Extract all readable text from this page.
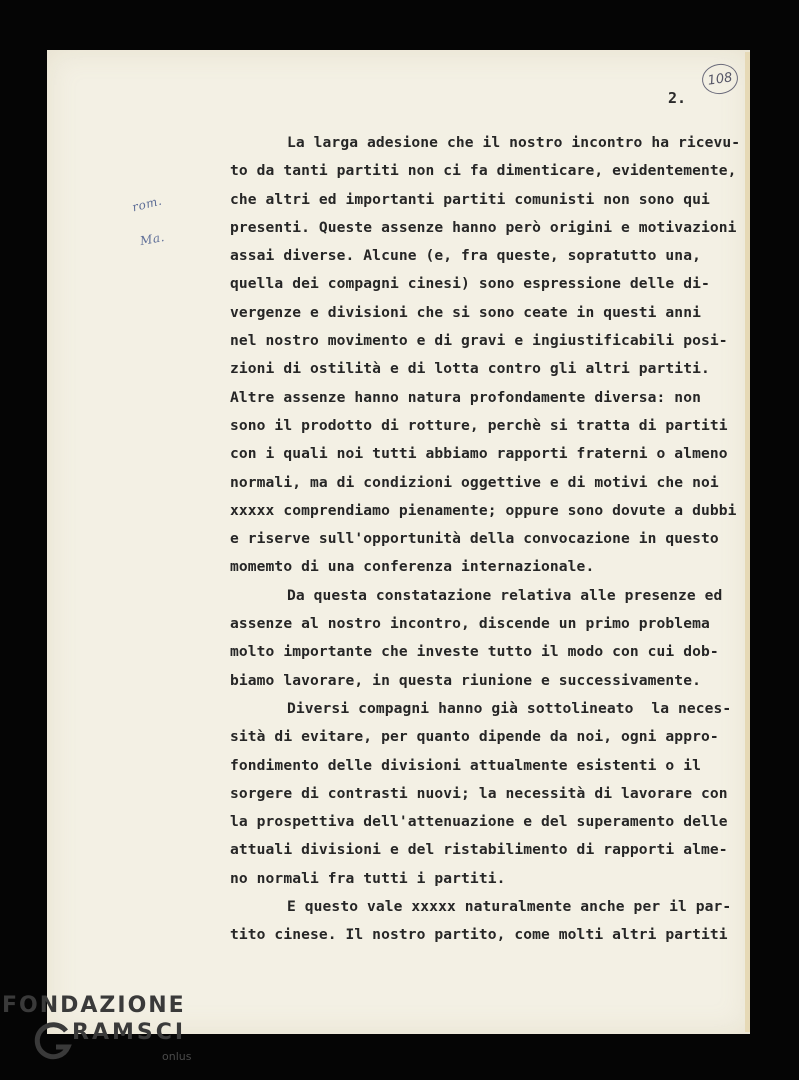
108
2.
rom.
Ma.
La larga adesione che il nostro incontro ha ricevu-
to da tanti partiti non ci fa dimenticare, evidentemente,
che altri ed importanti partiti comunisti non sono qui
presenti. Queste assenze hanno però origini e motivazioni
assai diverse. Alcune (e, fra queste, sopratutto una,
quella dei compagni cinesi) sono espressione delle di-
vergenze e divisioni che si sono ceate in questi anni
nel nostro movimento e di gravi e ingiustificabili posi-
zioni di ostilità e di lotta contro gli altri partiti.
Altre assenze hanno natura profondamente diversa: non
sono il prodotto di rotture, perchè si tratta di partiti
con i quali noi tutti abbiamo rapporti fraterni o almeno
normali, ma di condizioni oggettive e di motivi che noi
xxxxx comprendiamo pienamente; oppure sono dovute a dubbi
e riserve sull'opportunità della convocazione in questo
momemto di una conferenza internazionale.
Da questa constatazione relativa alle presenze ed
assenze al nostro incontro, discende un primo problema
molto importante che investe tutto il modo con cui dob-
biamo lavorare, in questa riunione e successivamente.
Diversi compagni hanno già sottolineato  la neces-
sità di evitare, per quanto dipende da noi, ogni appro-
fondimento delle divisioni attualmente esistenti o il
sorgere di contrasti nuovi; la necessità di lavorare con
la prospettiva dell'attenuazione e del superamento delle
attuali divisioni e del ristabilimento di rapporti alme-
no normali fra tutti i partiti.
E questo vale xxxxx naturalmente anche per il par-
tito cinese. Il nostro partito, come molti altri partiti
FONDAZIONE
RAMSCI
onlus
